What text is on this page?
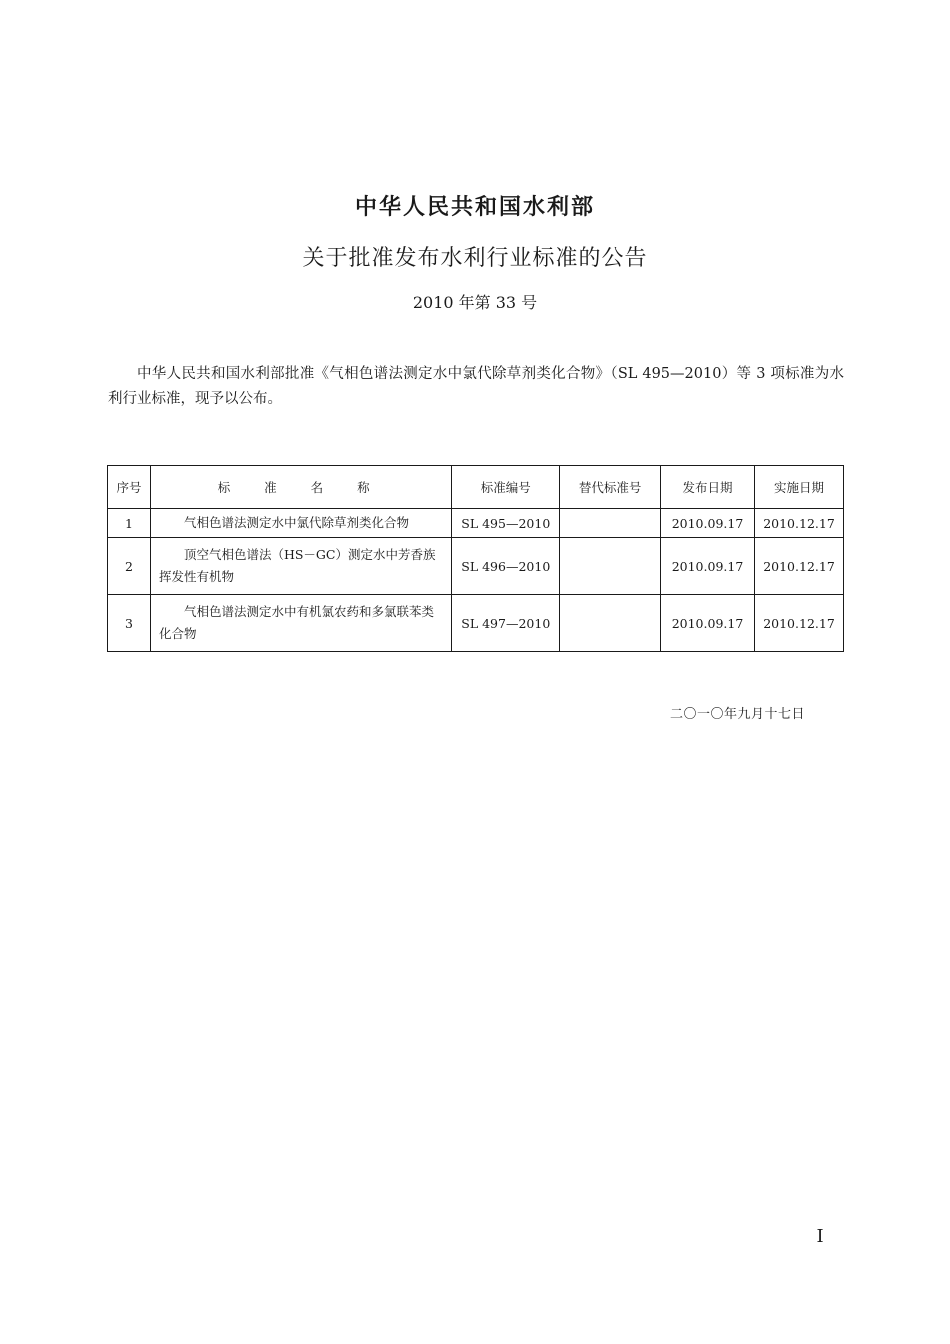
中华人民共和国水利部
关于批准发布水利行业标准的公告
2010 年第 33 号
中华人民共和国水利部批准《气相色谱法测定水中氯代除草剂类化合物》（SL 495—2010）等 3 项标准为水利行业标准，现予以公布。
序号	标 准 名 称	标准编号	替代标准号	发布日期	实施日期
1	气相色谱法测定水中氯代除草剂类化合物	SL 495—2010		2010.09.17	2010.12.17
2	顶空气相色谱法（HS－GC）测定水中芳香族挥发性有机物	SL 496—2010		2010.09.17	2010.12.17
3	气相色谱法测定水中有机氯农药和多氯联苯类化合物	SL 497—2010		2010.09.17	2010.12.17
二〇一〇年九月十七日
Ⅰ
